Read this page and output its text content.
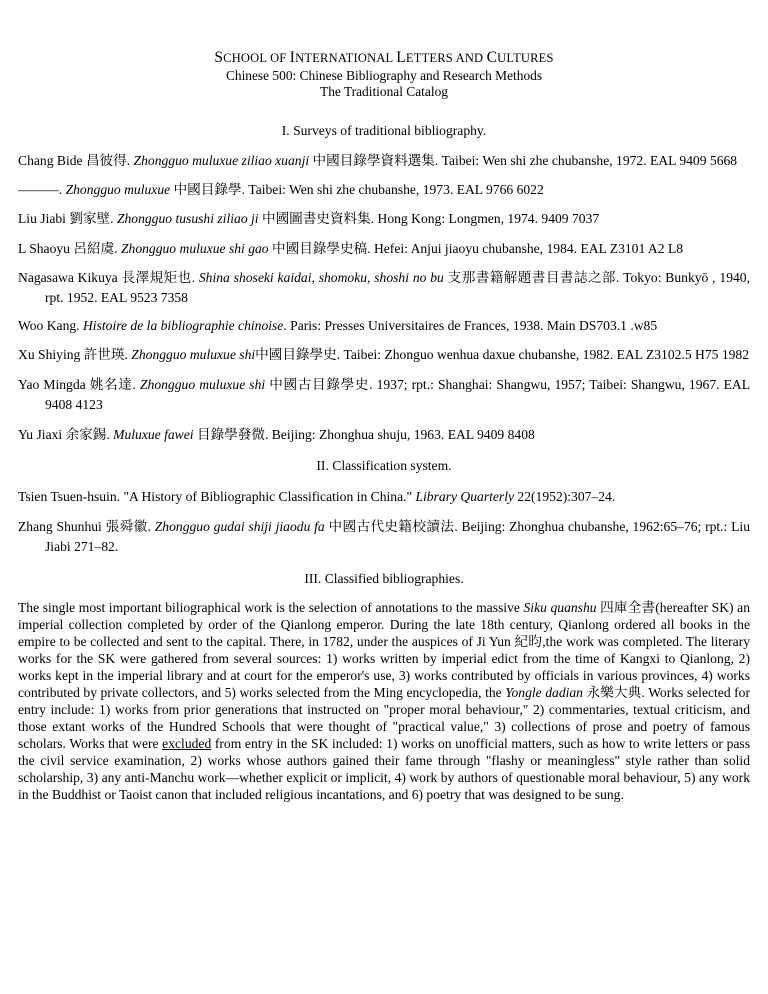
SCHOOL OF INTERNATIONAL LETTERS AND CULTURES
Chinese 500: Chinese Bibliography and Research Methods
The Traditional Catalog
I. Surveys of traditional bibliography.

Chang Bide 昌彼得. Zhongguo muluxue ziliao xuanji 中國目錄學資料選集. Taibei: Wen shi zhe chubanshe, 1972. EAL 9409 5668

———. Zhongguo muluxue 中國目錄學. Taibei: Wen shi zhe chubanshe, 1973. EAL 9766 6022

Liu Jiabi 劉家壁. Zhongguo tusushi ziliao ji 中國圖書史資料集. Hong Kong: Longmen, 1974. 9409 7037

L Shaoyu 呂紹虞. Zhongguo muluxue shi gao 中國目錄學史稿. Hefei: Anjui jiaoyu chubanshe, 1984. EAL Z3101 A2 L8

Nagasawa Kikuya 長澤規矩也. Shina shoseki kaidai, shomoku, shoshi no bu 支那書籍解題書目書誌之部. Tokyo: Bunkyō , 1940, rpt. 1952. EAL 9523 7358

Woo Kang. Histoire de la bibliographie chinoise. Paris: Presses Universitaires de Frances, 1938. Main DS703.1 .w85

Xu Shiying 許世瑛. Zhongguo muluxue shi中國目錄學史. Taibei: Zhonguo wenhua daxue chubanshe, 1982. EAL Z3102.5 H75 1982

Yao Mingda 姚名達. Zhongguo muluxue shi 中國古目錄學史. 1937; rpt.: Shanghai: Shangwu, 1957; Taibei: Shangwu, 1967. EAL 9408 4123

Yu Jiaxi 余家錫. Muluxue fawei 目錄學發微. Beijing: Zhonghua shuju, 1963. EAL 9409 8408

II. Classification system.

Tsien Tsuen-hsuin. "A History of Bibliographic Classification in China." Library Quarterly 22(1952):307–24.

Zhang Shunhui 張舜徽. Zhongguo gudai shiji jiaodu fa 中國古代史籍校讀法. Beijing: Zhonghua chubanshe, 1962:65–76; rpt.: Liu Jiabi 271–82.

III. Classified bibliographies.

The single most important biliographical work is the selection of annotations to the massive Siku quanshu 四庫全書(hereafter SK) an imperial collection completed by order of the Qianlong emperor. During the late 18th century, Qianlong ordered all books in the empire to be collected and sent to the capital. There, in 1782, under the auspices of Ji Yun 紀昀,the work was completed. The literary works for the SK were gathered from several sources: 1) works written by imperial edict from the time of Kangxi to Qianlong, 2) works kept in the imperial library and at court for the emperor's use, 3) works contributed by officials in various provinces, 4) works contributed by private collectors, and 5) works selected from the Ming encyclopedia, the Yongle dadian 永樂大典. Works selected for entry include: 1) works from prior generations that instructed on "proper moral behaviour," 2) commentaries, textual criticism, and those extant works of the Hundred Schools that were thought of "practical value," 3) collections of prose and poetry of famous scholars. Works that were excluded from entry in the SK included: 1) works on unofficial matters, such as how to write letters or pass the civil service examination, 2) works whose authors gained their fame through "flashy or meaningless" style rather than solid scholarship, 3) any anti-Manchu work—whether explicit or implicit, 4) work by authors of questionable moral behaviour, 5) any work in the Buddhist or Taoist canon that included religious incantations, and 6) poetry that was designed to be sung.
